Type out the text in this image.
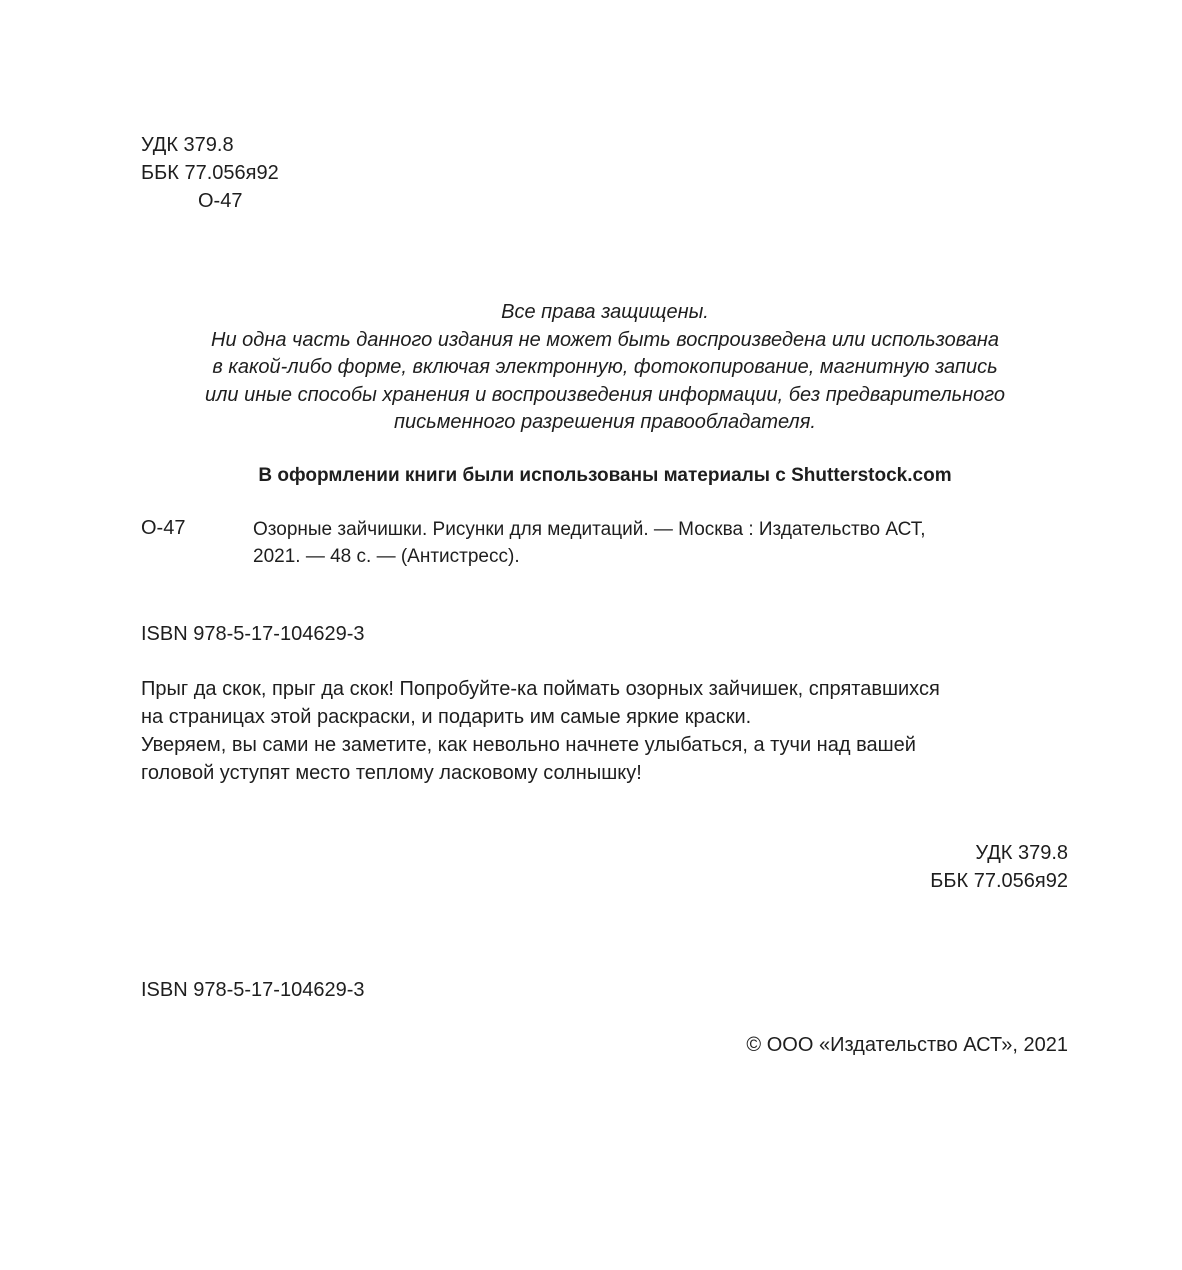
УДК 379.8
ББК 77.056я92
О-47
Все права защищены.
Ни одна часть данного издания не может быть воспроизведена или использована
в какой-либо форме, включая электронную, фотокопирование, магнитную запись
или иные способы хранения и воспроизведения информации, без предварительного
письменного разрешения правообладателя.
В оформлении книги были использованы материалы с Shutterstock.com
О-47	Озорные зайчишки. Рисунки для медитаций. — Москва : Издательство АСТ,
2021. — 48 с. — (Антистресс).
ISBN 978-5-17-104629-3
Прыг да скок, прыг да скок! Попробуйте-ка поймать озорных зайчишек, спрятавшихся
на страницах этой раскраски, и подарить им самые яркие краски.
Уверяем, вы сами не заметите, как невольно начнете улыбаться, а тучи над вашей
головой уступят место теплому ласковому солнышку!
УДК 379.8
ББК 77.056я92
ISBN 978-5-17-104629-3
© ООО «Издательство АСТ», 2021
